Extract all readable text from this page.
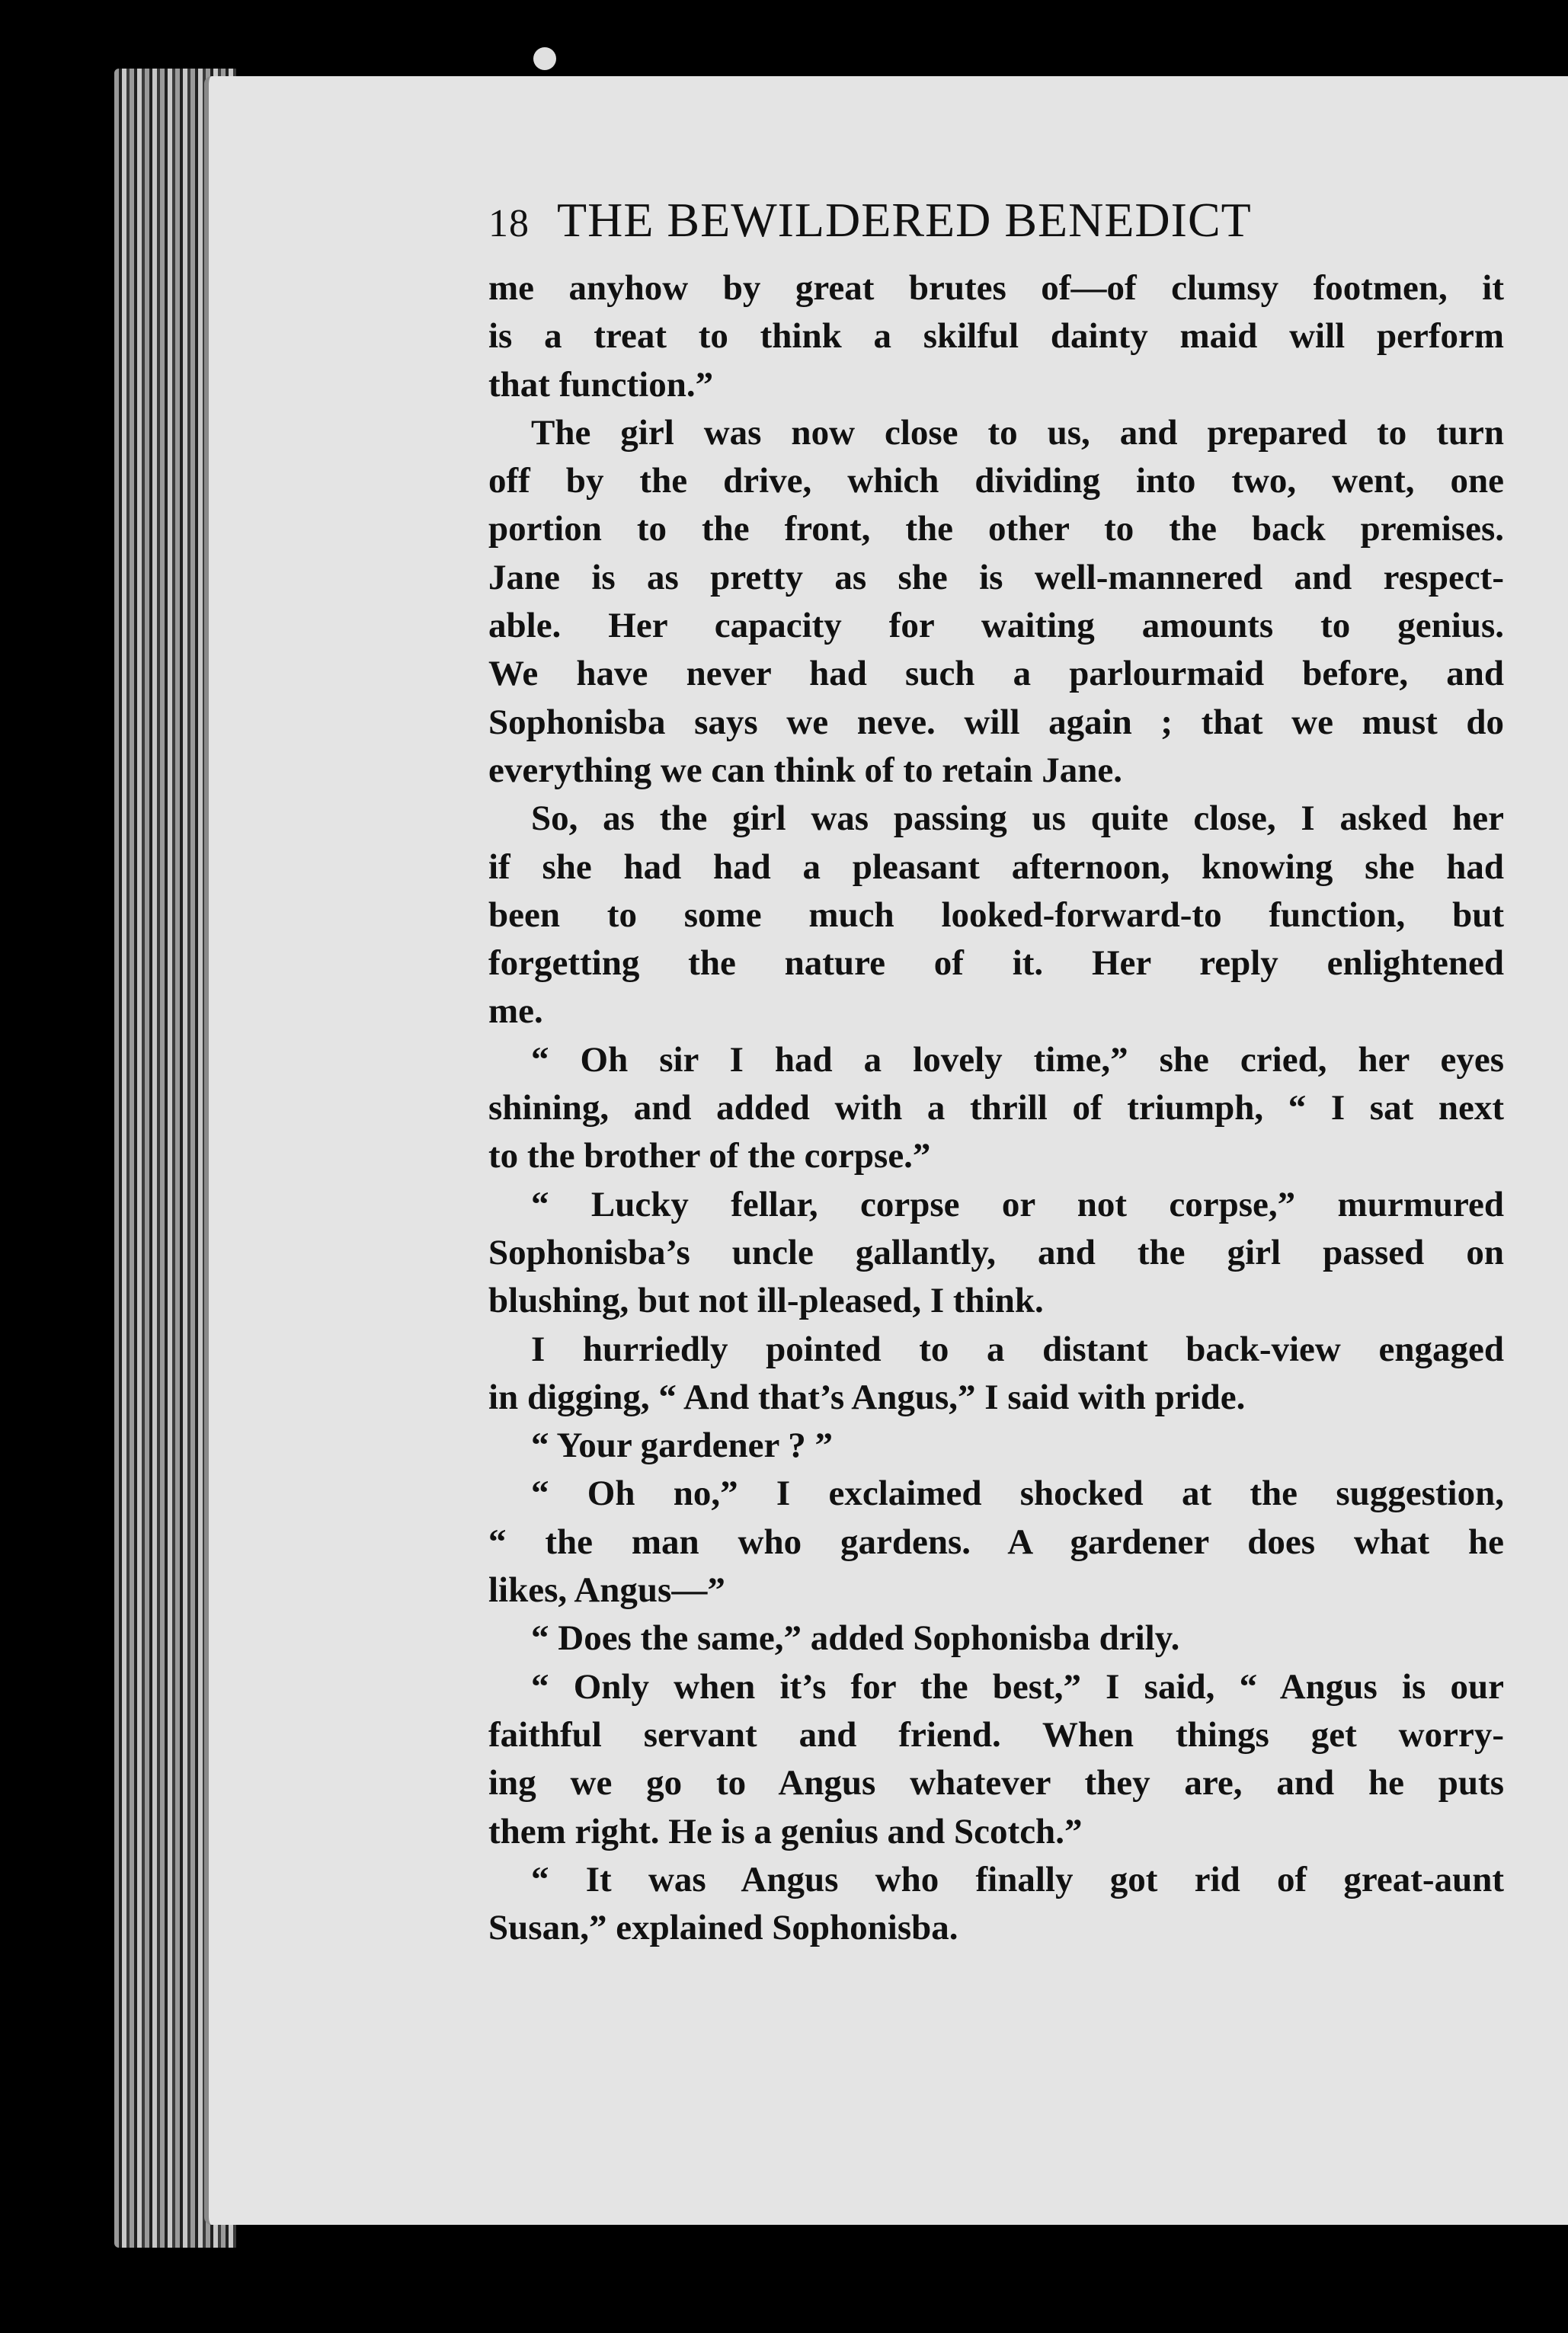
18 THE BEWILDERED BENEDICT
me anyhow by great brutes of—of clumsy footmen, it
is a treat to think a skilful dainty maid will perform
that function.”
The girl was now close to us, and prepared to turn
off by the drive, which dividing into two, went, one
portion to the front, the other to the back premises.
Jane is as pretty as she is well-mannered and respect-
able. Her capacity for waiting amounts to genius.
We have never had such a parlourmaid before, and
Sophonisba says we neve. will again ; that we must do
everything we can think of to retain Jane.
So, as the girl was passing us quite close, I asked her
if she had had a pleasant afternoon, knowing she had
been to some much looked-forward-to function, but
forgetting the nature of it. Her reply enlightened
me.
“ Oh sir I had a lovely time,” she cried, her eyes
shining, and added with a thrill of triumph, “ I sat next
to the brother of the corpse.”
“ Lucky fellar, corpse or not corpse,” murmured
Sophonisba’s uncle gallantly, and the girl passed on
blushing, but not ill-pleased, I think.
I hurriedly pointed to a distant back-view engaged
in digging, “ And that’s Angus,” I said with pride.
“ Your gardener ? ”
“ Oh no,” I exclaimed shocked at the suggestion,
“ the man who gardens. A gardener does what he
likes, Angus—”
“ Does the same,” added Sophonisba drily.
“ Only when it’s for the best,” I said, “ Angus is our
faithful servant and friend. When things get worry-
ing we go to Angus whatever they are, and he puts
them right. He is a genius and Scotch.”
“ It was Angus who finally got rid of great-aunt
Susan,” explained Sophonisba.
